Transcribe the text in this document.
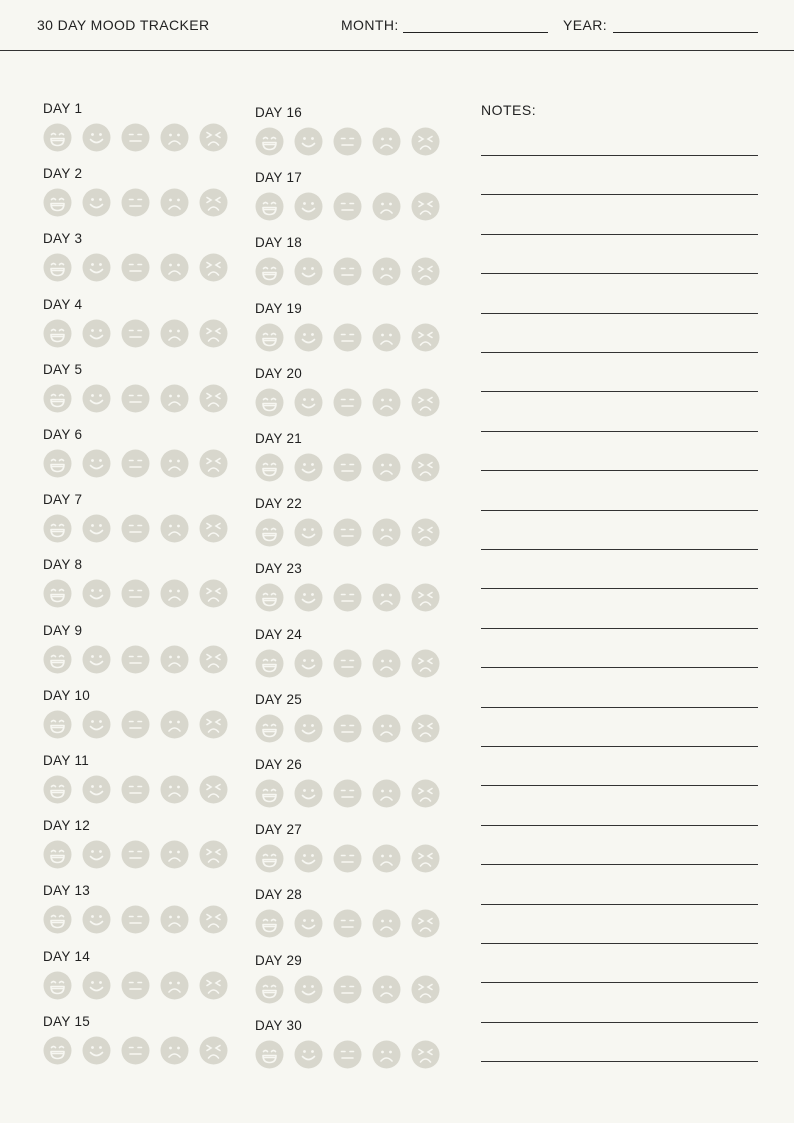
30 DAY MOOD TRACKER	MONTH:	YEAR:
DAY 1
DAY 2
DAY 3
DAY 4
DAY 5
DAY 6
DAY 7
DAY 8
DAY 9
DAY 10
DAY 11
DAY 12
DAY 13
DAY 14
DAY 15
DAY 16
DAY 17
DAY 18
DAY 19
DAY 20
DAY 21
DAY 22
DAY 23
DAY 24
DAY 25
DAY 26
DAY 27
DAY 28
DAY 29
DAY 30
NOTES:
